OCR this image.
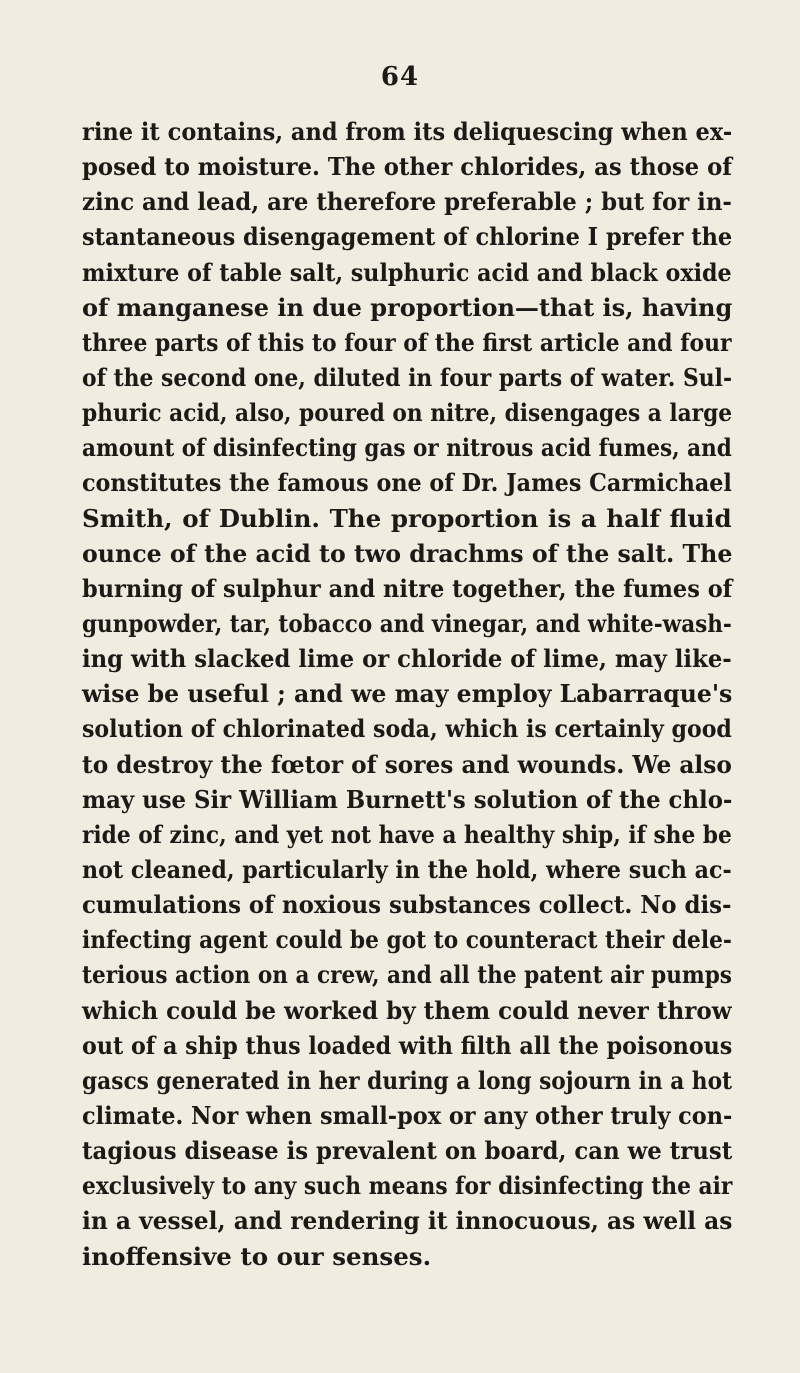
64
rine it contains, and from its deliquescing when ex-
posed to moisture. The other chlorides, as those of
zinc and lead, are therefore preferable ; but for in-
stantaneous disengagement of chlorine I prefer the
mixture of table salt, sulphuric acid and black oxide
of manganese in due proportion—that is, having
three parts of this to four of the first article and four
of the second one, diluted in four parts of water. Sul-
phuric acid, also, poured on nitre, disengages a large
amount of disinfecting gas or nitrous acid fumes, and
constitutes the famous one of Dr. James Carmichael
Smith, of Dublin. The proportion is a half fluid
ounce of the acid to two drachms of the salt. The
burning of sulphur and nitre together, the fumes of
gunpowder, tar, tobacco and vinegar, and white-wash-
ing with slacked lime or chloride of lime, may like-
wise be useful ; and we may employ Labarraque's
solution of chlorinated soda, which is certainly good
to destroy the fœtor of sores and wounds. We also
may use Sir William Burnett's solution of the chlo-
ride of zinc, and yet not have a healthy ship, if she be
not cleaned, particularly in the hold, where such ac-
cumulations of noxious substances collect. No dis-
infecting agent could be got to counteract their dele-
terious action on a crew, and all the patent air pumps
which could be worked by them could never throw
out of a ship thus loaded with filth all the poisonous
gascs generated in her during a long sojourn in a hot
climate. Nor when small-pox or any other truly con-
tagious disease is prevalent on board, can we trust
exclusively to any such means for disinfecting the air
in a vessel, and rendering it innocuous, as well as
inoffensive to our senses.
